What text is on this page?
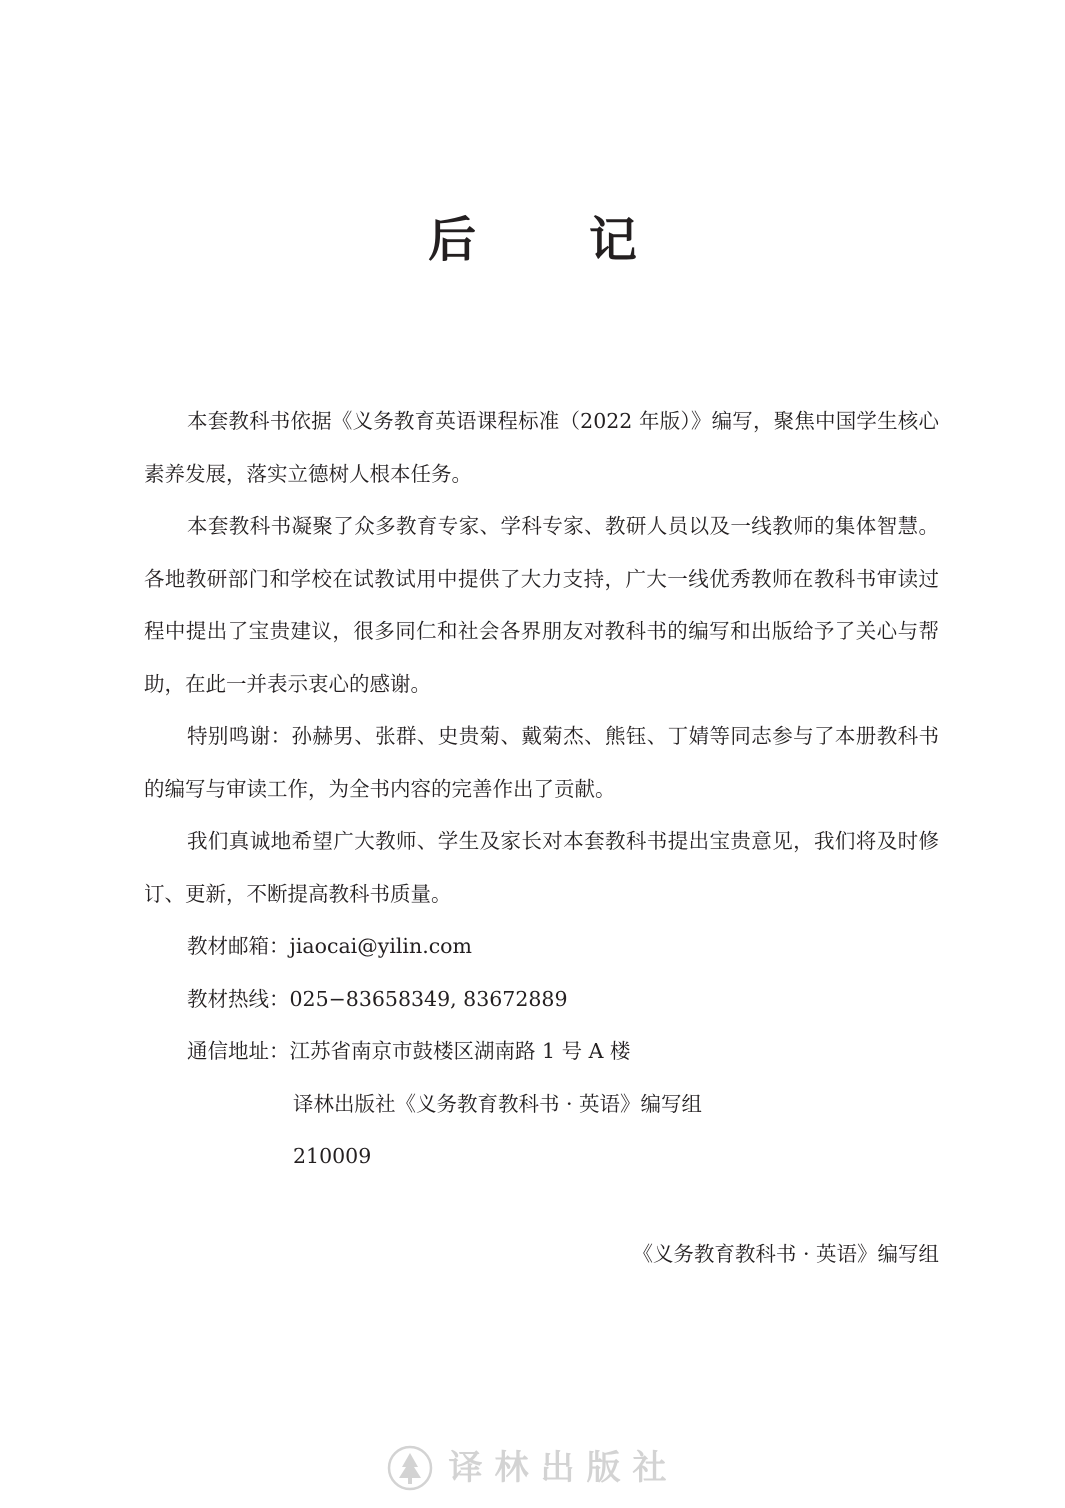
后 记

本套教科书依据《义务教育英语课程标准（2022 年版）》编写，聚焦中国学生核心素养发展，落实立德树人根本任务。

本套教科书凝聚了众多教育专家、学科专家、教研人员以及一线教师的集体智慧。各地教研部门和学校在试教试用中提供了大力支持，广大一线优秀教师在教科书审读过程中提出了宝贵建议，很多同仁和社会各界朋友对教科书的编写和出版给予了关心与帮助，在此一并表示衷心的感谢。

特别鸣谢：孙赫男、张群、史贵菊、戴菊杰、熊钰、丁婧等同志参与了本册教科书的编写与审读工作，为全书内容的完善作出了贡献。

我们真诚地希望广大教师、学生及家长对本套教科书提出宝贵意见，我们将及时修订、更新，不断提高教科书质量。

教材邮箱：jiaocai@yilin.com
教材热线：025−83658349, 83672889
通信地址：江苏省南京市鼓楼区湖南路 1 号 A 楼
译林出版社《义务教育教科书 · 英语》编写组
210009
《义务教育教科书 · 英语》编写组
译林出版社
